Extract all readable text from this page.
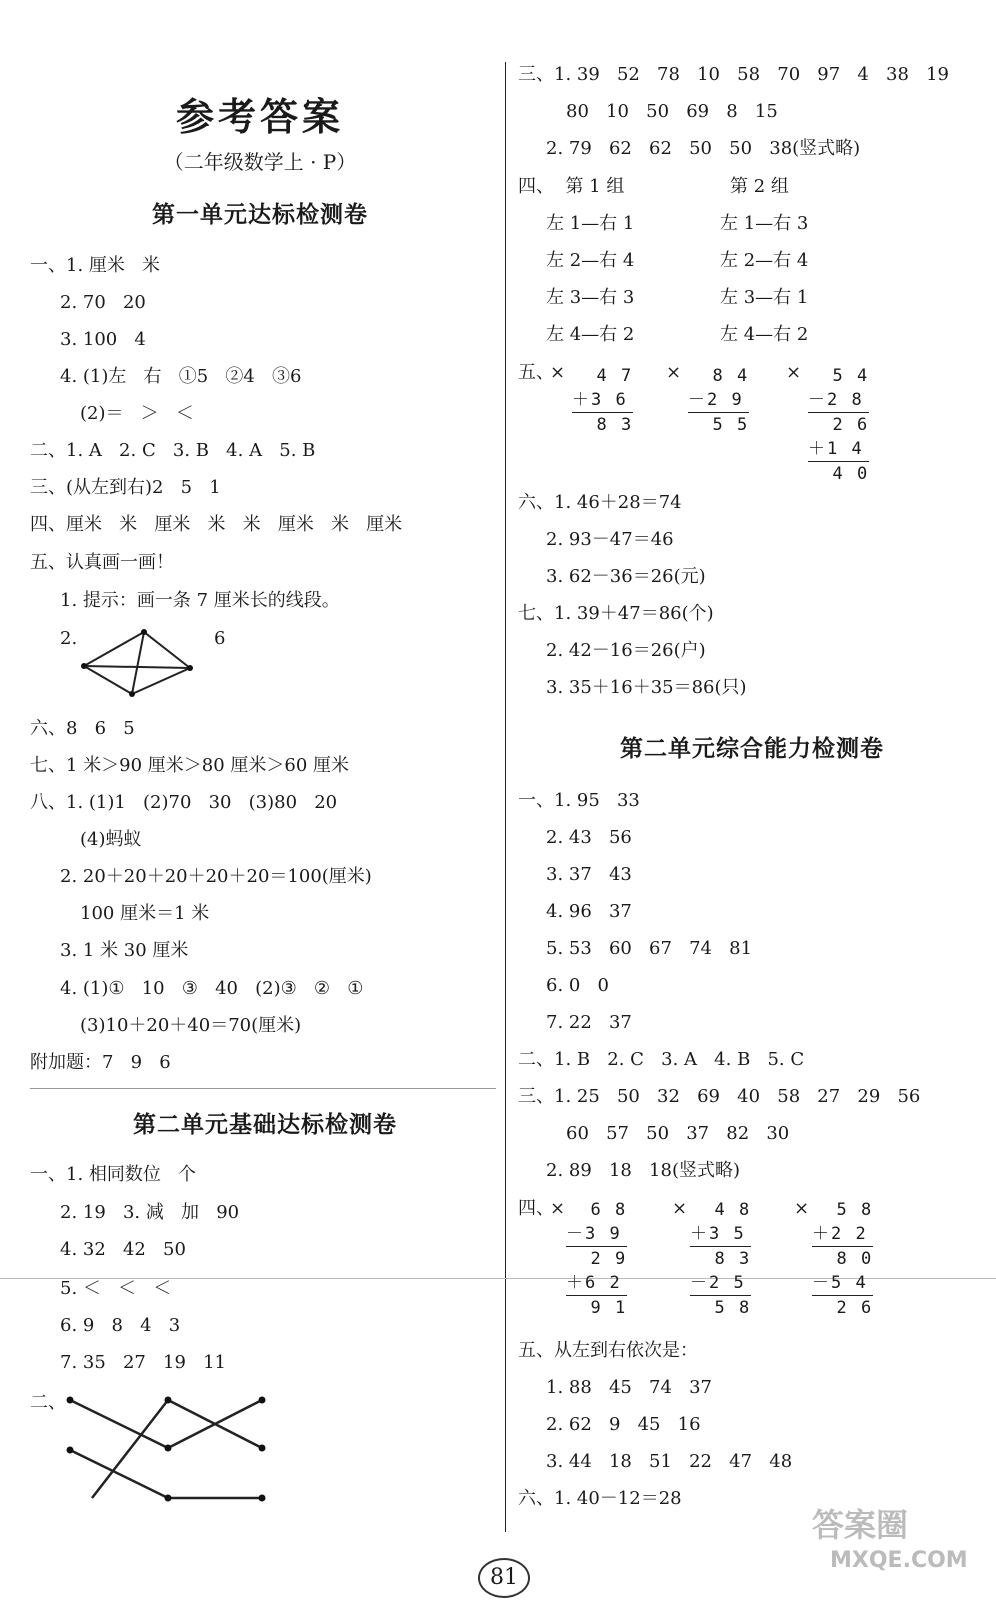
参考答案
（二年级数学上 · P）
第一单元达标检测卷
一、1. 厘米   米
2. 70   20
3. 100   4
4. (1)左   右   ①5   ②4   ③6
(2)＝   ＞   ＜
二、1. A   2. C   3. B   4. A   5. B
三、(从左到右)2   5   1
四、厘米   米   厘米   米   米   厘米   米   厘米
五、认真画一画！
1. 提示：画一条 7 厘米长的线段。
2.	6
六、8   6   5
七、1 米＞90 厘米＞80 厘米＞60 厘米
八、1. (1)1   (2)70   30   (3)80   20
(4)蚂蚁
2. 20＋20＋20＋20＋20＝100(厘米)
100 厘米＝1 米
3. 1 米 30 厘米
4. (1)①   10   ③   40   (2)③   ②   ①
(3)10＋20＋40＝70(厘米)
附加题：7   9   6
第二单元基础达标检测卷
一、1. 相同数位   个
2. 19   3. 减   加   90
4. 32   42   50
5. ＜   ＜   ＜
6. 9   8   4   3
7. 35   27   19   11
二、
三、1. 39   52   78   10   58   70   97   4   38   19
80   10   50   69   8   15
2. 79   62   62   50   50   38(竖式略)
四、  第 1 组	第 2 组
左 1—右 1	左 1—右 3
左 2—右 4	左 2—右 4
左 3—右 3	左 3—右 1
左 4—右 2	左 4—右 2
五、
× 4 7
＋3 6
8 3
× 8 4
－2 9
5 5
× 5 4
－2 8
2 6
＋1 4
4 0
六、1. 46＋28＝74
2. 93－47＝46
3. 62－36＝26(元)
七、1. 39＋47＝86(个)
2. 42－16＝26(户)
3. 35＋16＋35＝86(只)
第二单元综合能力检测卷
一、1. 95   33
2. 43   56
3. 37   43
4. 96   37
5. 53   60   67   74   81
6. 0   0
7. 22   37
二、1. B   2. C   3. A   4. B   5. C
三、1. 25   50   32   69   40   58   27   29   56
60   57   50   37   82   30
2. 89   18   18(竖式略)
四、
× 6 8
－3 9
2 9
＋6 2
9 1
× 4 8
＋3 5
8 3
－2 5
5 8
× 5 8
＋2 2
8 0
－5 4
2 6
五、从左到右依次是：
1. 88   45   74   37
2. 62   9   45   16
3. 44   18   51   22   47   48
六、1. 40－12＝28
81
答案圈
MXQE.COM
